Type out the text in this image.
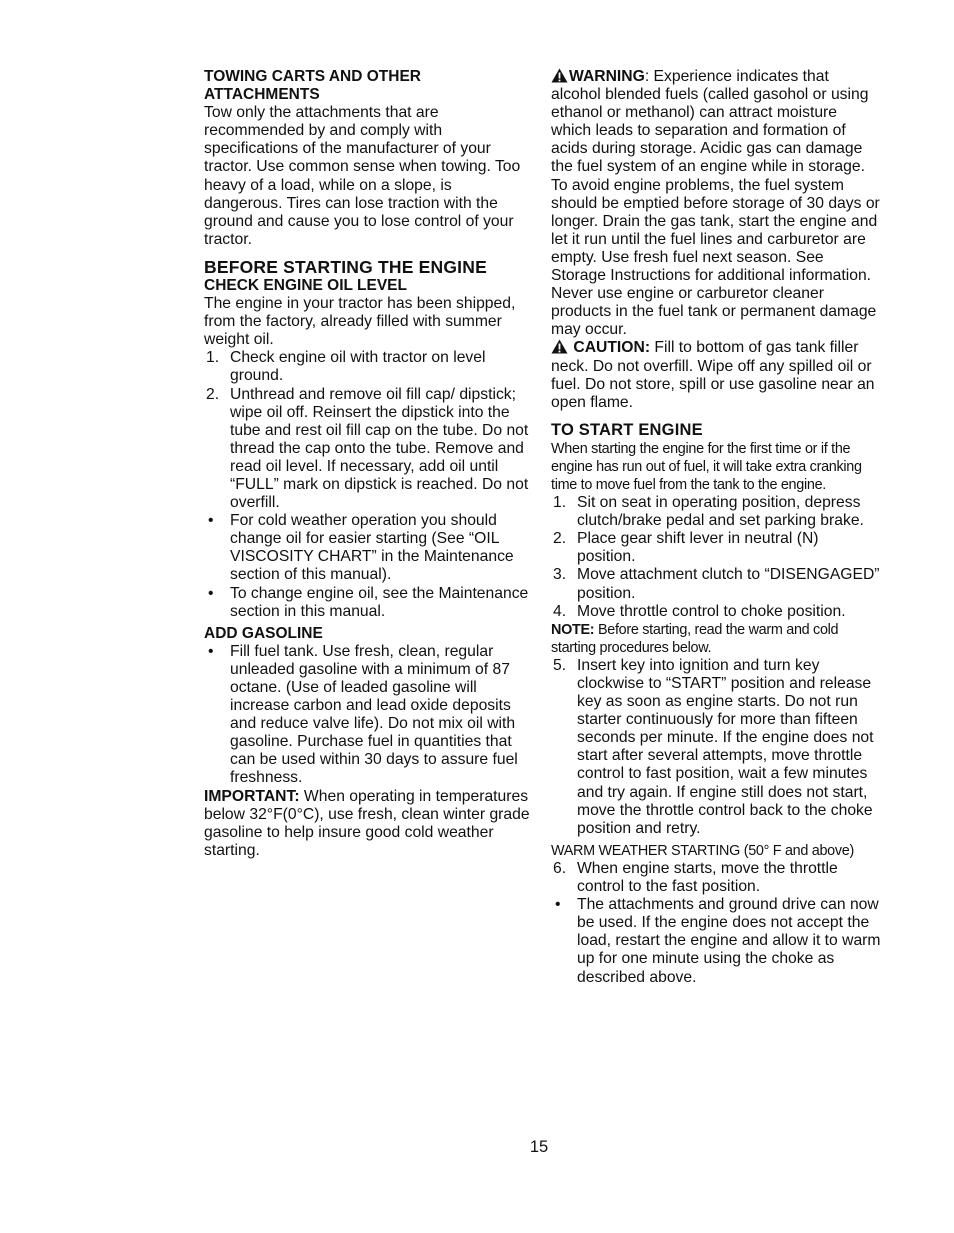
TOWING CARTS AND OTHER
ATTACHMENTS

Tow only the attachments that are recommended by and comply with specifications of the manufacturer of your tractor. Use common sense when towing. Too heavy of a load, while on a slope, is dangerous. Tires can lose traction with the ground and cause you to lose control of your tractor.

BEFORE STARTING THE ENGINE
CHECK ENGINE OIL LEVEL

The engine in your tractor has been shipped, from the factory, already filled with summer weight oil.

1. Check engine oil with tractor on level ground.
2. Unthread and remove oil fill cap/ dipstick; wipe oil off. Reinsert the dipstick into the tube and rest oil fill cap on the tube. Do not thread the cap onto the tube. Remove and read oil level. If necessary, add oil until “FULL” mark on dipstick is reached. Do not overfill.
• For cold weather operation you should change oil for easier starting (See “OIL VISCOSITY CHART” in the Maintenance section of this manual).
• To change engine oil, see the Maintenance section in this manual.
ADD GASOLINE
• Fill fuel tank. Use fresh, clean, regular unleaded gasoline with a minimum of 87 octane. (Use of leaded gasoline will increase carbon and lead oxide deposits and reduce valve life). Do not mix oil with gasoline. Purchase fuel in quantities that can be used within 30 days to assure fuel freshness.

IMPORTANT: When operating in temperatures below 32°F(0°C), use fresh, clean winter grade gasoline to help insure good cold weather starting.

WARNING: Experience indicates that alcohol blended fuels (called gasohol or using ethanol or methanol) can attract moisture which leads to separation and formation of acids during storage. Acidic gas can damage the fuel system of an engine while in storage. To avoid engine problems, the fuel system should be emptied before storage of 30 days or longer. Drain the gas tank, start the engine and let it run until the fuel lines and carburetor are empty. Use fresh fuel next season. See Storage Instructions for additional information. Never use engine or carburetor cleaner products in the fuel tank or permanent damage may occur.

CAUTION: Fill to bottom of gas tank filler neck. Do not overfill. Wipe off any spilled oil or fuel. Do not store, spill or use gasoline near an open flame.

TO START ENGINE

When starting the engine for the first time or if the engine has run out of fuel, it will take extra cranking time to move fuel from the tank to the engine.

1. Sit on seat in operating position, depress clutch/brake pedal and set parking brake.
2. Place gear shift lever in neutral (N) position.
3. Move attachment clutch to “DISENGAGED” position.
4. Move throttle control to choke position.

NOTE: Before starting, read the warm and cold starting procedures below.

5. Insert key into ignition and turn key clockwise to “START” position and release key as soon as engine starts. Do not run starter continuously for more than fifteen seconds per minute. If the engine does not start after several attempts, move throttle control to fast position, wait a few minutes and try again. If engine still does not start, move the throttle control back to the choke position and retry.

WARM WEATHER STARTING (50° F and above)

6. When engine starts, move the throttle control to the fast position.
• The attachments and ground drive can now be used. If the engine does not accept the load, restart the engine and allow it to warm up for one minute using the choke as described above.
15
